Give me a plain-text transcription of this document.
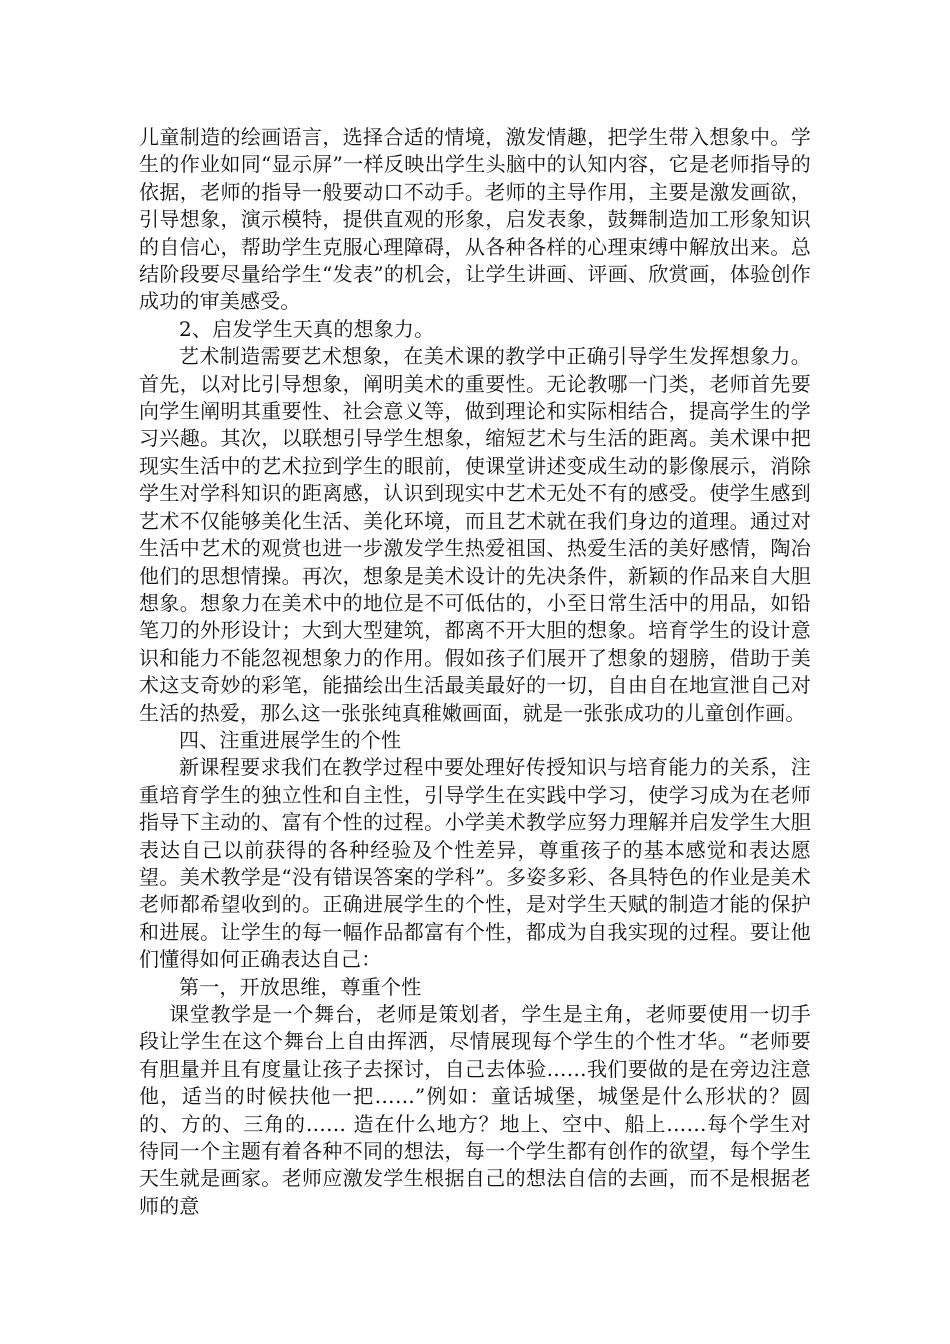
儿童制造的绘画语言，选择合适的情境，激发情趣，把学生带入想象中。学生的作业如同“显示屏”一样反映出学生头脑中的认知内容，它是老师指导的依据，老师的指导一般要动口不动手。老师的主导作用，主要是激发画欲，引导想象，演示模特，提供直观的形象，启发表象，鼓舞制造加工形象知识的自信心，帮助学生克服心理障碍，从各种各样的心理束缚中解放出来。总结阶段要尽量给学生“发表”的机会，让学生讲画、评画、欣赏画，体验创作成功的审美感受。

2、启发学生天真的想象力。

艺术制造需要艺术想象，在美术课的教学中正确引导学生发挥想象力。首先，以对比引导想象，阐明美术的重要性。无论教哪一门类，老师首先要向学生阐明其重要性、社会意义等，做到理论和实际相结合，提高学生的学习兴趣。其次，以联想引导学生想象，缩短艺术与生活的距离。美术课中把现实生活中的艺术拉到学生的眼前，使课堂讲述变成生动的影像展示，消除学生对学科知识的距离感，认识到现实中艺术无处不有的感受。使学生感到艺术不仅能够美化生活、美化环境，而且艺术就在我们身边的道理。通过对生活中艺术的观赏也进一步激发学生热爱祖国、热爱生活的美好感情，陶冶他们的思想情操。再次，想象是美术设计的先决条件，新颖的作品来自大胆想象。想象力在美术中的地位是不可低估的，小至日常生活中的用品，如铅笔刀的外形设计；大到大型建筑，都离不开大胆的想象。培育学生的设计意识和能力不能忽视想象力的作用。假如孩子们展开了想象的翅膀，借助于美术这支奇妙的彩笔，能描绘出生活最美最好的一切，自由自在地宣泄自己对生活的热爱，那么这一张张纯真稚嫩画面，就是一张张成功的儿童创作画。

四、注重进展学生的个性

新课程要求我们在教学过程中要处理好传授知识与培育能力的关系，注重培育学生的独立性和自主性，引导学生在实践中学习，使学习成为在老师指导下主动的、富有个性的过程。小学美术教学应努力理解并启发学生大胆表达自己以前获得的各种经验及个性差异，尊重孩子的基本感觉和表达愿望。美术教学是“没有错误答案的学科”。多姿多彩、各具特色的作业是美术老师都希望收到的。正确进展学生的个性，是对学生天赋的制造才能的保护和进展。让学生的每一幅作品都富有个性，都成为自我实现的过程。要让他们懂得如何正确表达自己：

第一，开放思维，尊重个性

课堂教学是一个舞台，老师是策划者，学生是主角，老师要使用一切手段让学生在这个舞台上自由挥洒，尽情展现每个学生的个性才华。“老师要有胆量并且有度量让孩子去探讨，自己去体验……我们要做的是在旁边注意他，适当的时候扶他一把……”例如：童话城堡，城堡是什么形状的？圆的、方的、三角的…… 造在什么地方？地上、空中、船上……每个学生对待同一个主题有着各种不同的想法，每一个学生都有创作的欲望，每个学生天生就是画家。老师应激发学生根据自己的想法自信的去画，而不是根据老师的意
